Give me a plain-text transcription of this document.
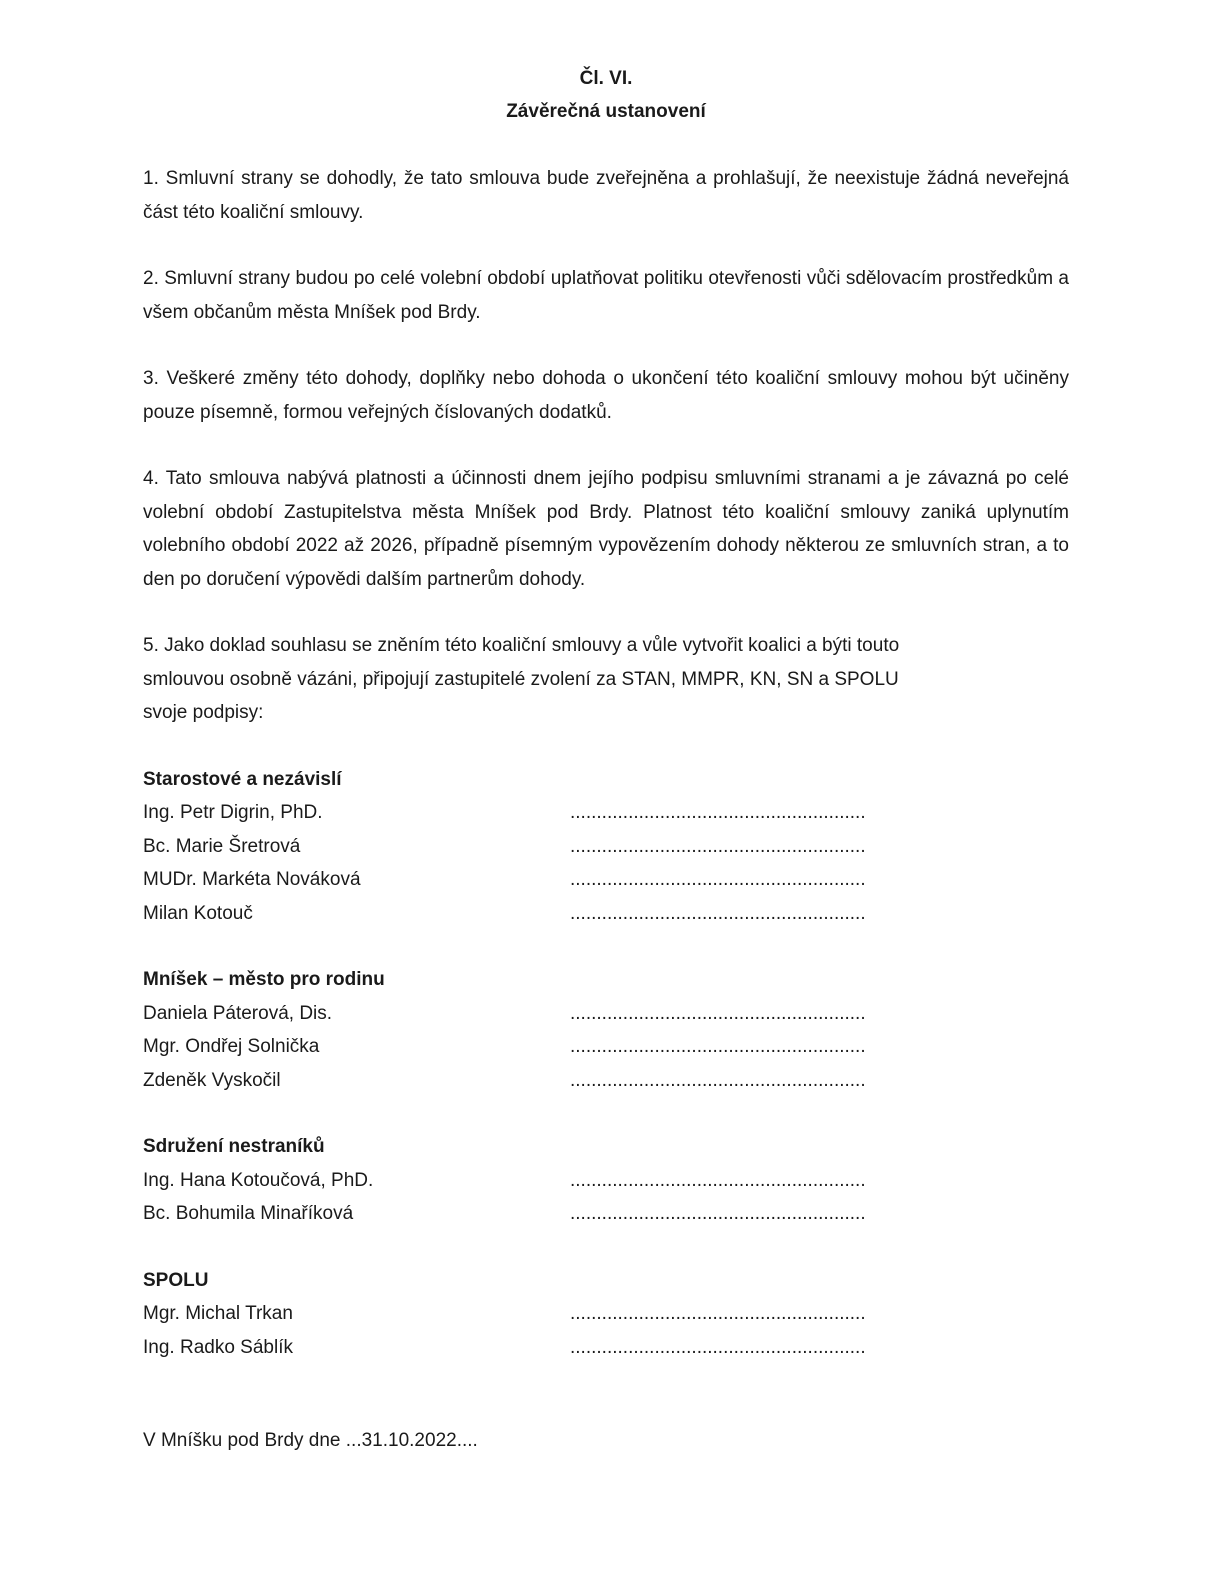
Čl. VI.

Závěrečná ustanovení

1. Smluvní strany se dohodly, že tato smlouva bude zveřejněna a prohlašují, že neexistuje žádná neveřejná část této koaliční smlouvy.

2. Smluvní strany budou po celé volební období uplatňovat politiku otevřenosti vůči sdělovacím prostředkům a všem občanům města Mníšek pod Brdy.

3. Veškeré změny této dohody, doplňky nebo dohoda o ukončení této koaliční smlouvy mohou být učiněny pouze písemně, formou veřejných číslovaných dodatků.

4. Tato smlouva nabývá platnosti a účinnosti dnem jejího podpisu smluvními stranami a je závazná po celé volební období Zastupitelstva města Mníšek pod Brdy. Platnost této koaliční smlouvy zaniká uplynutím volebního období 2022 až 2026, případně písemným vypovězením dohody některou ze smluvních stran, a to den po doručení výpovědi dalším partnerům dohody.

5. Jako doklad souhlasu se zněním této koaliční smlouvy a vůle vytvořit koalici a býti touto
smlouvou osobně vázáni, připojují zastupitelé zvolení za STAN, MMPR, KN, SN a SPOLU
svoje podpisy:

Starostové a nezávislí

Ing. Petr Digrin, PhD.	........................................................
Bc. Marie Šretrová	........................................................
MUDr. Markéta Nováková	........................................................
Milan Kotouč	........................................................

Mníšek – město pro rodinu

Daniela Páterová, Dis.	........................................................
Mgr. Ondřej Solnička	........................................................
Zdeněk Vyskočil	........................................................

Sdružení nestraníků

Ing. Hana Kotoučová, PhD.	........................................................
Bc. Bohumila Minaříková	........................................................

SPOLU

Mgr. Michal Trkan	........................................................
Ing. Radko Sáblík	........................................................
V Mníšku pod Brdy dne ...31.10.2022....
